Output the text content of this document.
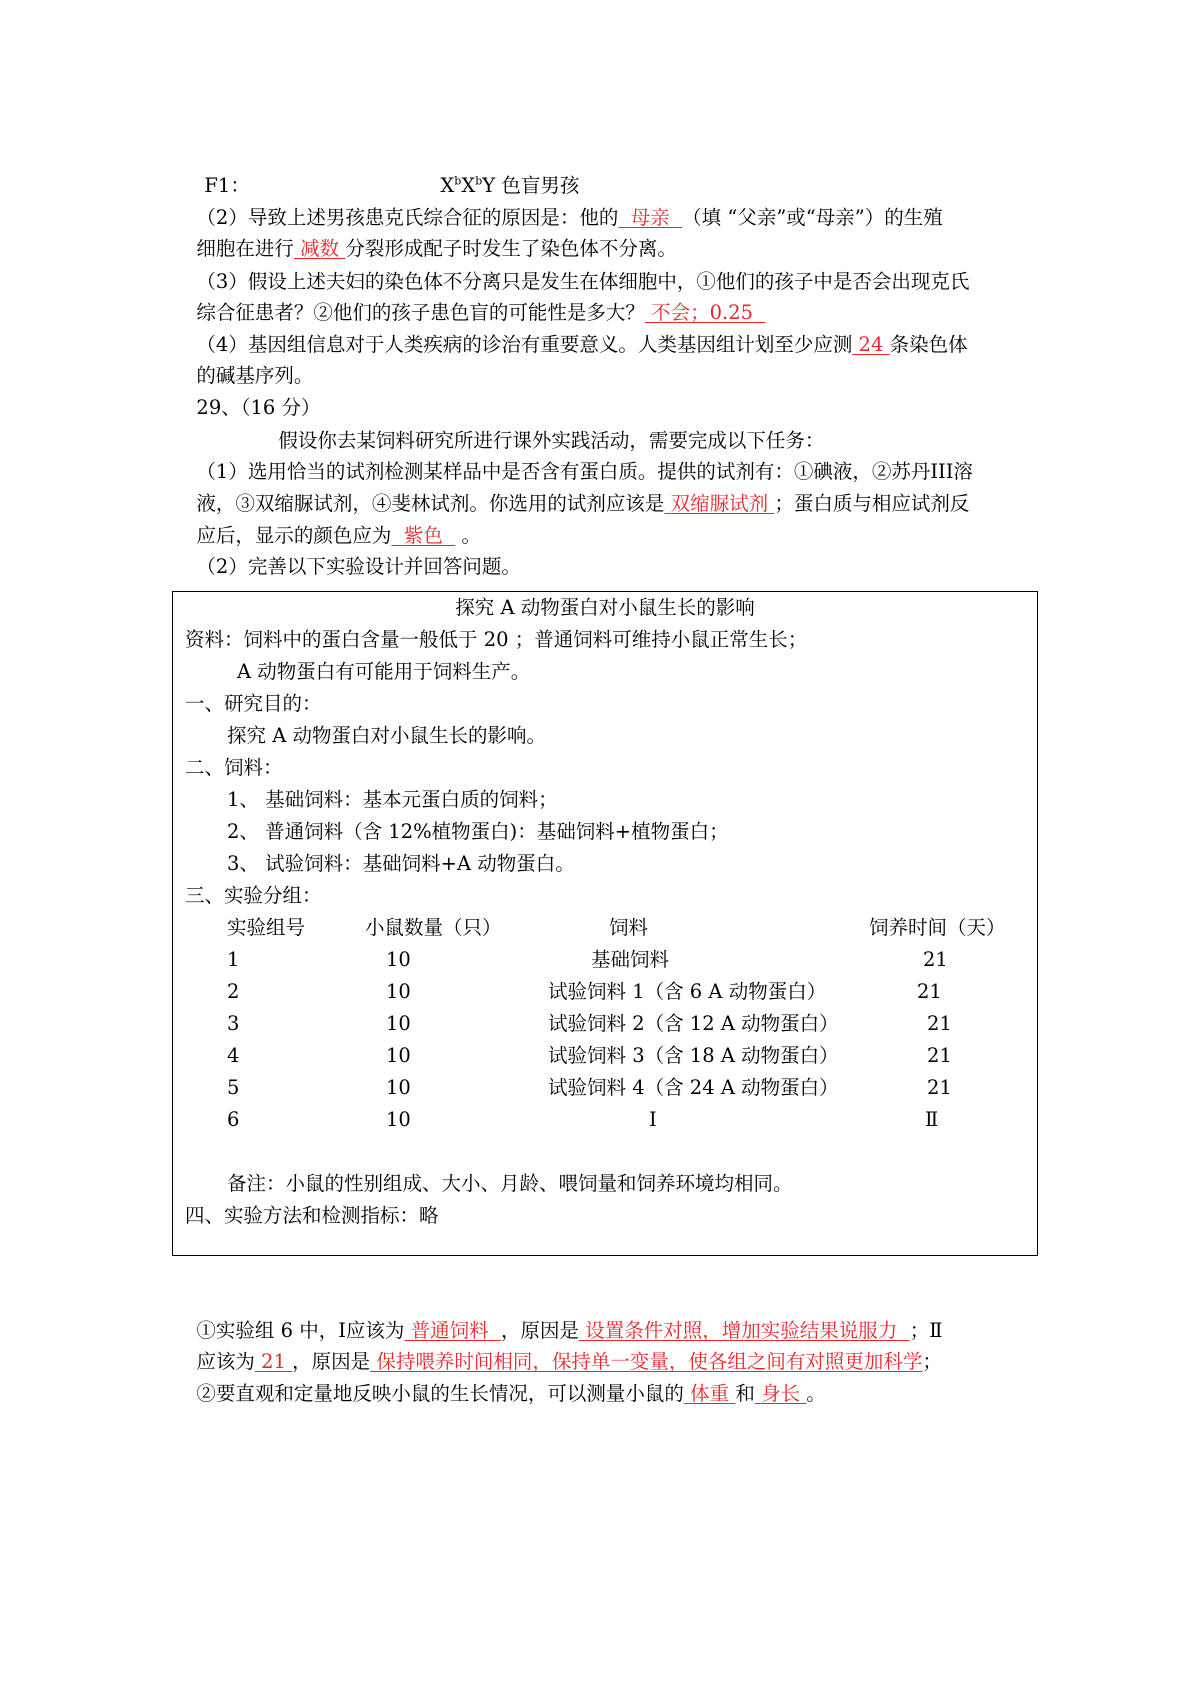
F1：	$X^bX^bY$ 色盲男孩

（2）导致上述男孩患克氏综合征的原因是：他的 母亲 （填 “父亲”或“母亲”）的生殖

细胞在进行 减数 分裂形成配子时发生了染色体不分离。

（3）假设上述夫妇的染色体不分离只是发生在体细胞中，①他们的孩子中是否会出现克氏

综合征患者？②他们的孩子患色盲的可能性是多大？ 不会；0.25

（4）基因组信息对于人类疾病的诊治有重要意义。人类基因组计划至少应测 24 条染色体

的碱基序列。

29、（16 分）

假设你去某饲料研究所进行课外实践活动，需要完成以下任务：

（1）选用恰当的试剂检测某样品中是否含有蛋白质。提供的试剂有：①碘液，②苏丹III溶

液，③双缩脲试剂，④斐林试剂。你选用的试剂应该是 双缩脲试剂 ；蛋白质与相应试剂反

应后，显示的颜色应为 紫色 。

（2）完善以下实验设计并回答问题。

探究 A 动物蛋白对小鼠生长的影响
资料：饲料中的蛋白含量一般低于 20 ；普通饲料可维持小鼠正常生长；
A 动物蛋白有可能用于饲料生产。
一、研究目的：
探究 A 动物蛋白对小鼠生长的影响。
二、饲料：
1、 基础饲料：基本元蛋白质的饲料；
2、 普通饲料（含 12%植物蛋白)：基础饲料+植物蛋白；
3、 试验饲料：基础饲料+A 动物蛋白。
三、实验分组：
实验组号	小鼠数量（只）	饲料	饲养时间（天）
1	10	基础饲料	21
2	10	试验饲料 1（含 6 A 动物蛋白）	21
3	10	试验饲料 2（含 12 A 动物蛋白）	21
4	10	试验饲料 3（含 18 A 动物蛋白）	21
5	10	试验饲料 4（含 24 A 动物蛋白）	21
6	10	Ⅰ	Ⅱ
备注：小鼠的性别组成、大小、月龄、喂饲量和饲养环境均相同。
四、实验方法和检测指标：略

①实验组 6 中，Ⅰ应该为 普通饲料 ，原因是 设置条件对照，增加实验结果说服力 ；Ⅱ

应该为 21 ，原因是 保持喂养时间相同，保持单一变量，使各组之间有对照更加科学；

②要直观和定量地反映小鼠的生长情况，可以测量小鼠的 体重 和 身长 。
